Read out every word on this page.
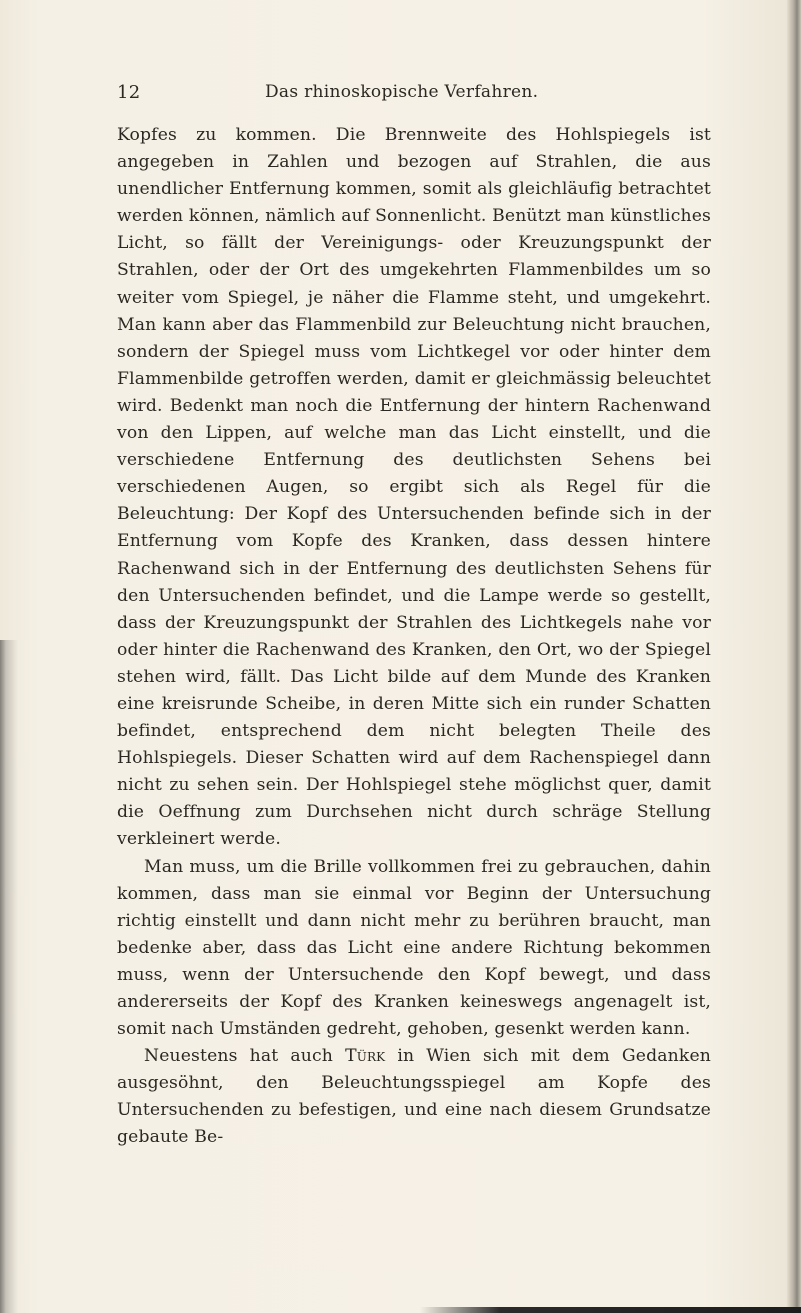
12	Das rhinoskopische Verfahren.

Kopfes zu kommen. Die Brennweite des Hohlspiegels ist angegeben in Zahlen und bezogen auf Strahlen, die aus unendlicher Entfernung kommen, somit als gleichläufig betrachtet werden können, nämlich auf Sonnenlicht. Benützt man künstliches Licht, so fällt der Vereinigungs- oder Kreuzungspunkt der Strahlen, oder der Ort des umgekehrten Flammenbildes um so weiter vom Spiegel, je näher die Flamme steht, und umgekehrt. Man kann aber das Flammenbild zur Beleuchtung nicht brauchen, sondern der Spiegel muss vom Lichtkegel vor oder hinter dem Flammenbilde getroffen werden, damit er gleichmässig beleuchtet wird. Bedenkt man noch die Entfernung der hintern Rachenwand von den Lippen, auf welche man das Licht einstellt, und die verschiedene Entfernung des deutlichsten Sehens bei verschiedenen Augen, so ergibt sich als Regel für die Beleuchtung: Der Kopf des Untersuchenden befinde sich in der Entfernung vom Kopfe des Kranken, dass dessen hintere Rachenwand sich in der Entfernung des deutlichsten Sehens für den Untersuchenden befindet, und die Lampe werde so gestellt, dass der Kreuzungspunkt der Strahlen des Lichtkegels nahe vor oder hinter die Rachenwand des Kranken, den Ort, wo der Spiegel stehen wird, fällt. Das Licht bilde auf dem Munde des Kranken eine kreisrunde Scheibe, in deren Mitte sich ein runder Schatten befindet, entsprechend dem nicht belegten Theile des Hohlspiegels. Dieser Schatten wird auf dem Rachenspiegel dann nicht zu sehen sein. Der Hohlspiegel stehe möglichst quer, damit die Oeffnung zum Durchsehen nicht durch schräge Stellung verkleinert werde.

Man muss, um die Brille vollkommen frei zu gebrauchen, dahin kommen, dass man sie einmal vor Beginn der Untersuchung richtig einstellt und dann nicht mehr zu berühren braucht, man bedenke aber, dass das Licht eine andere Richtung bekommen muss, wenn der Untersuchende den Kopf bewegt, und dass andererseits der Kopf des Kranken keineswegs angenagelt ist, somit nach Umständen gedreht, gehoben, gesenkt werden kann.

Neuestens hat auch Türk in Wien sich mit dem Gedanken ausgesöhnt, den Beleuchtungsspiegel am Kopfe des Untersuchenden zu befestigen, und eine nach diesem Grundsatze gebaute Be-
